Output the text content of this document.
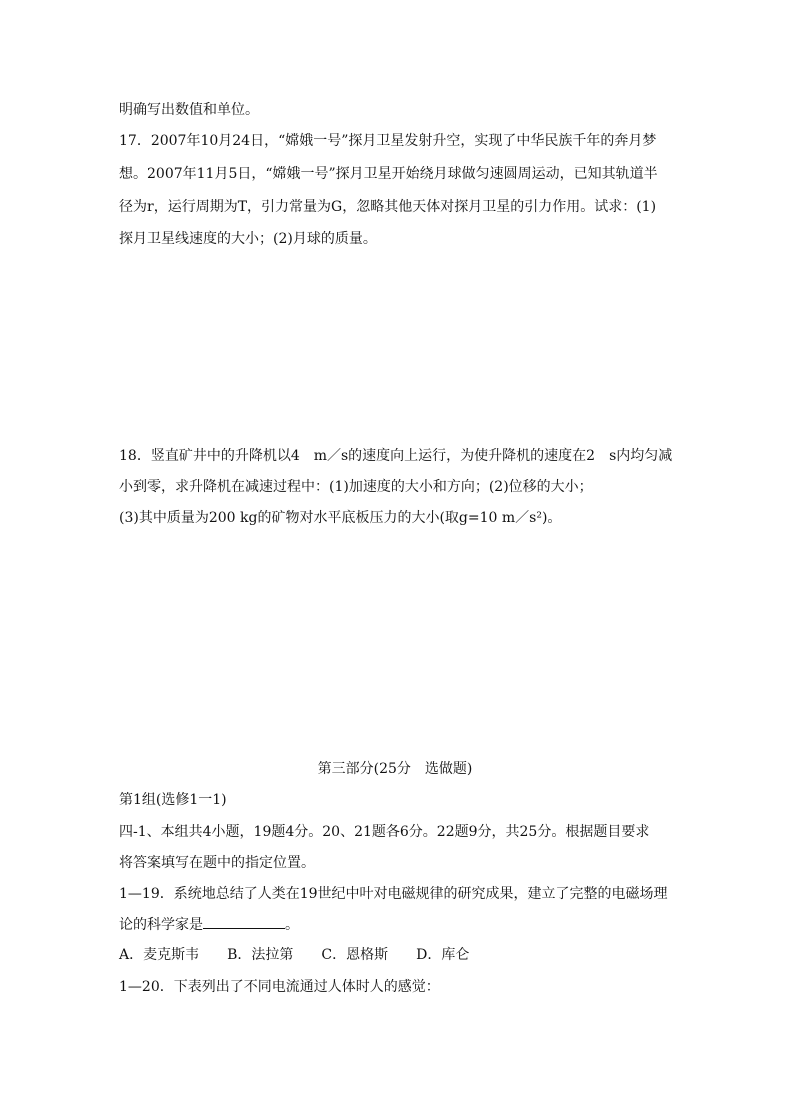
明确写出数值和单位。
17．2007年10月24日，“嫦娥一号”探月卫星发射升空，实现了中华民族千年的奔月梦
想。2007年11月5日，“嫦娥一号”探月卫星开始绕月球做匀速圆周运动，已知其轨道半
径为r，运行周期为T，引力常量为G，忽略其他天体对探月卫星的引力作用。试求：(1)
探月卫星线速度的大小；(2)月球的质量。
18．竖直矿井中的升降机以4　m／s的速度向上运行，为使升降机的速度在2　s内均匀减
小到零，求升降机在减速过程中：(1)加速度的大小和方向；(2)位移的大小；
(3)其中质量为200 kg的矿物对水平底板压力的大小(取g=10 m／s²)。
第三部分(25分　选做题)
第1组(选修1一1)
四-1、本组共4小题，19题4分。20、21题各6分。22题9分，共25分。根据题目要求
将答案填写在题中的指定位置。
1—19．系统地总结了人类在19世纪中叶对电磁规律的研究成果，建立了完整的电磁场理
论的科学家是	。
A．麦克斯韦　　B．法拉第　　C．恩格斯　　D．库仑
1—20．下表列出了不同电流通过人体时人的感觉：
